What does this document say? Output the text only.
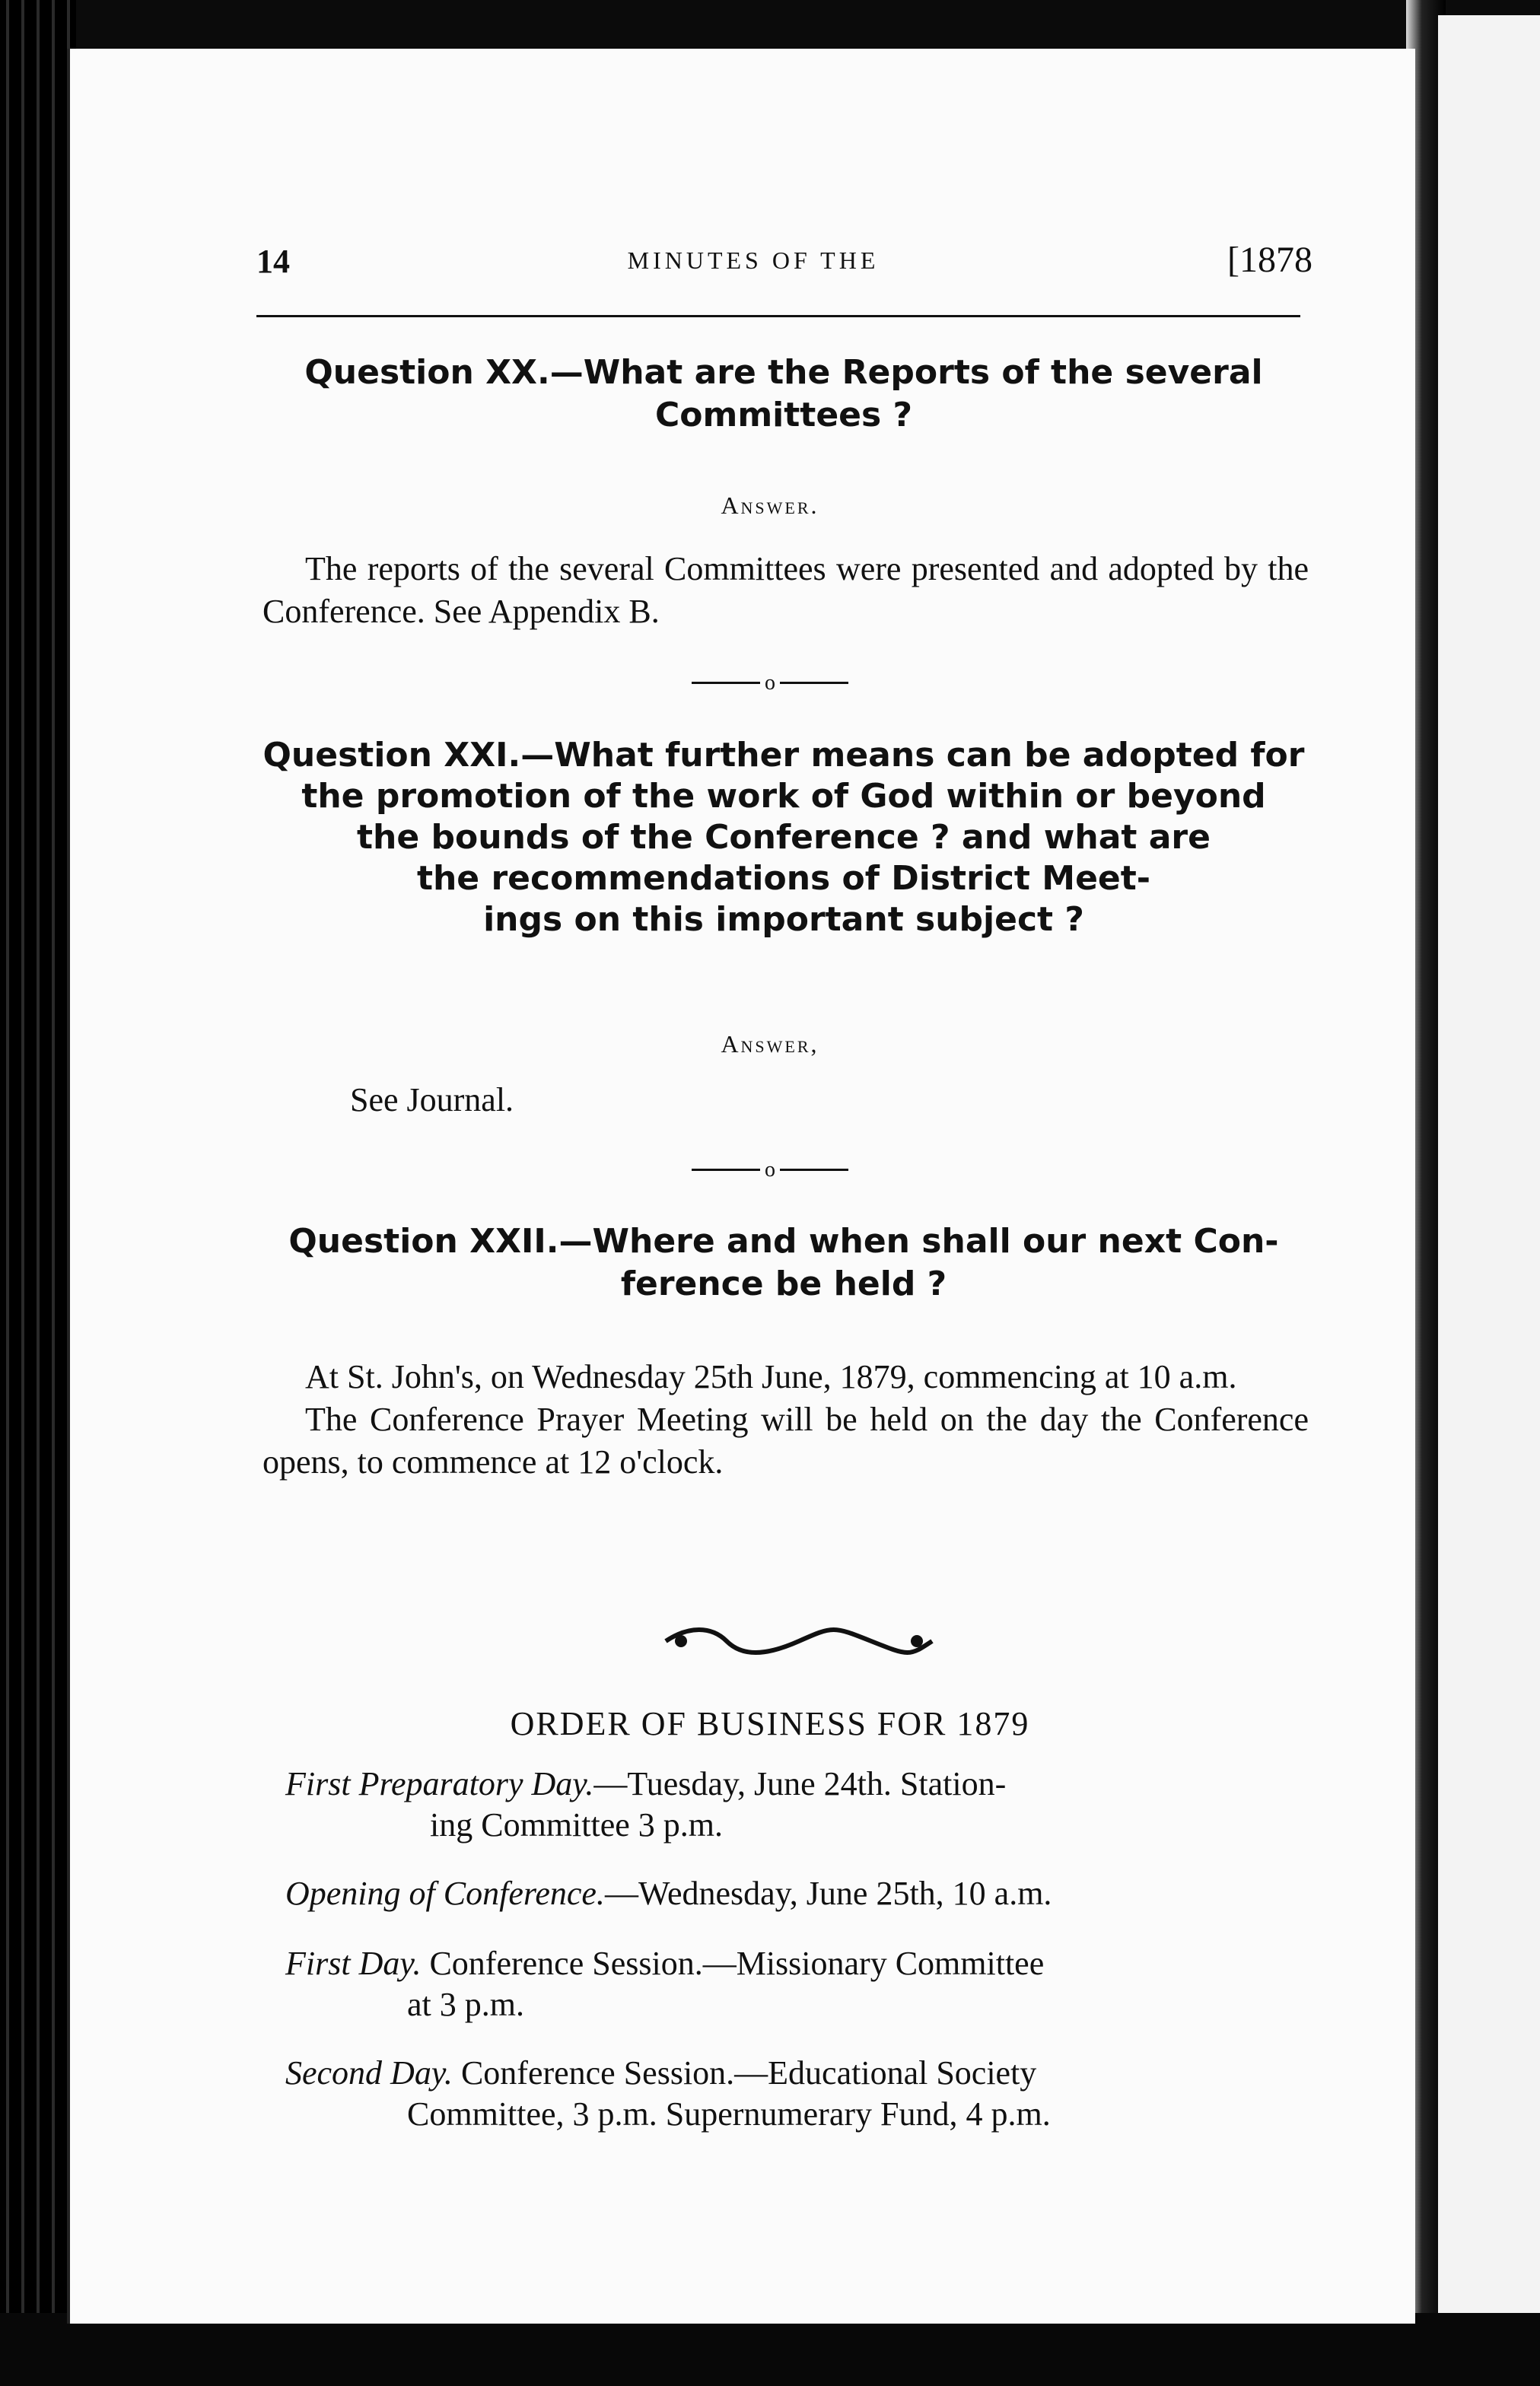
14	MINUTES OF THE	[1878
Question XX.—What are the Reports of the several
Committees ?
Answer.
The reports of the several Committees were presented and adopted by the Conference. See Appendix B.
o
Question XXI.—What further means can be adopted for
the promotion of the work of God within or beyond
the bounds of the Conference ? and what are
the recommendations of District Meet-
ings on this important subject ?
Answer,
See Journal.
o
Question XXII.—Where and when shall our next Con-
ference be held ?
At St. John's, on Wednesday 25th June, 1879, commencing at 10 a.m.
The Conference Prayer Meeting will be held on the day the Conference opens, to commence at 12 o'clock.
ORDER OF BUSINESS FOR 1879
First Preparatory Day.—Tuesday, June 24th. Station-
ing Committee 3 p.m.
Opening of Conference.—Wednesday, June 25th, 10 a.m.
First Day. Conference Session.—Missionary Committee
at 3 p.m.
Second Day. Conference Session.—Educational Society
Committee, 3 p.m. Supernumerary Fund, 4 p.m.
